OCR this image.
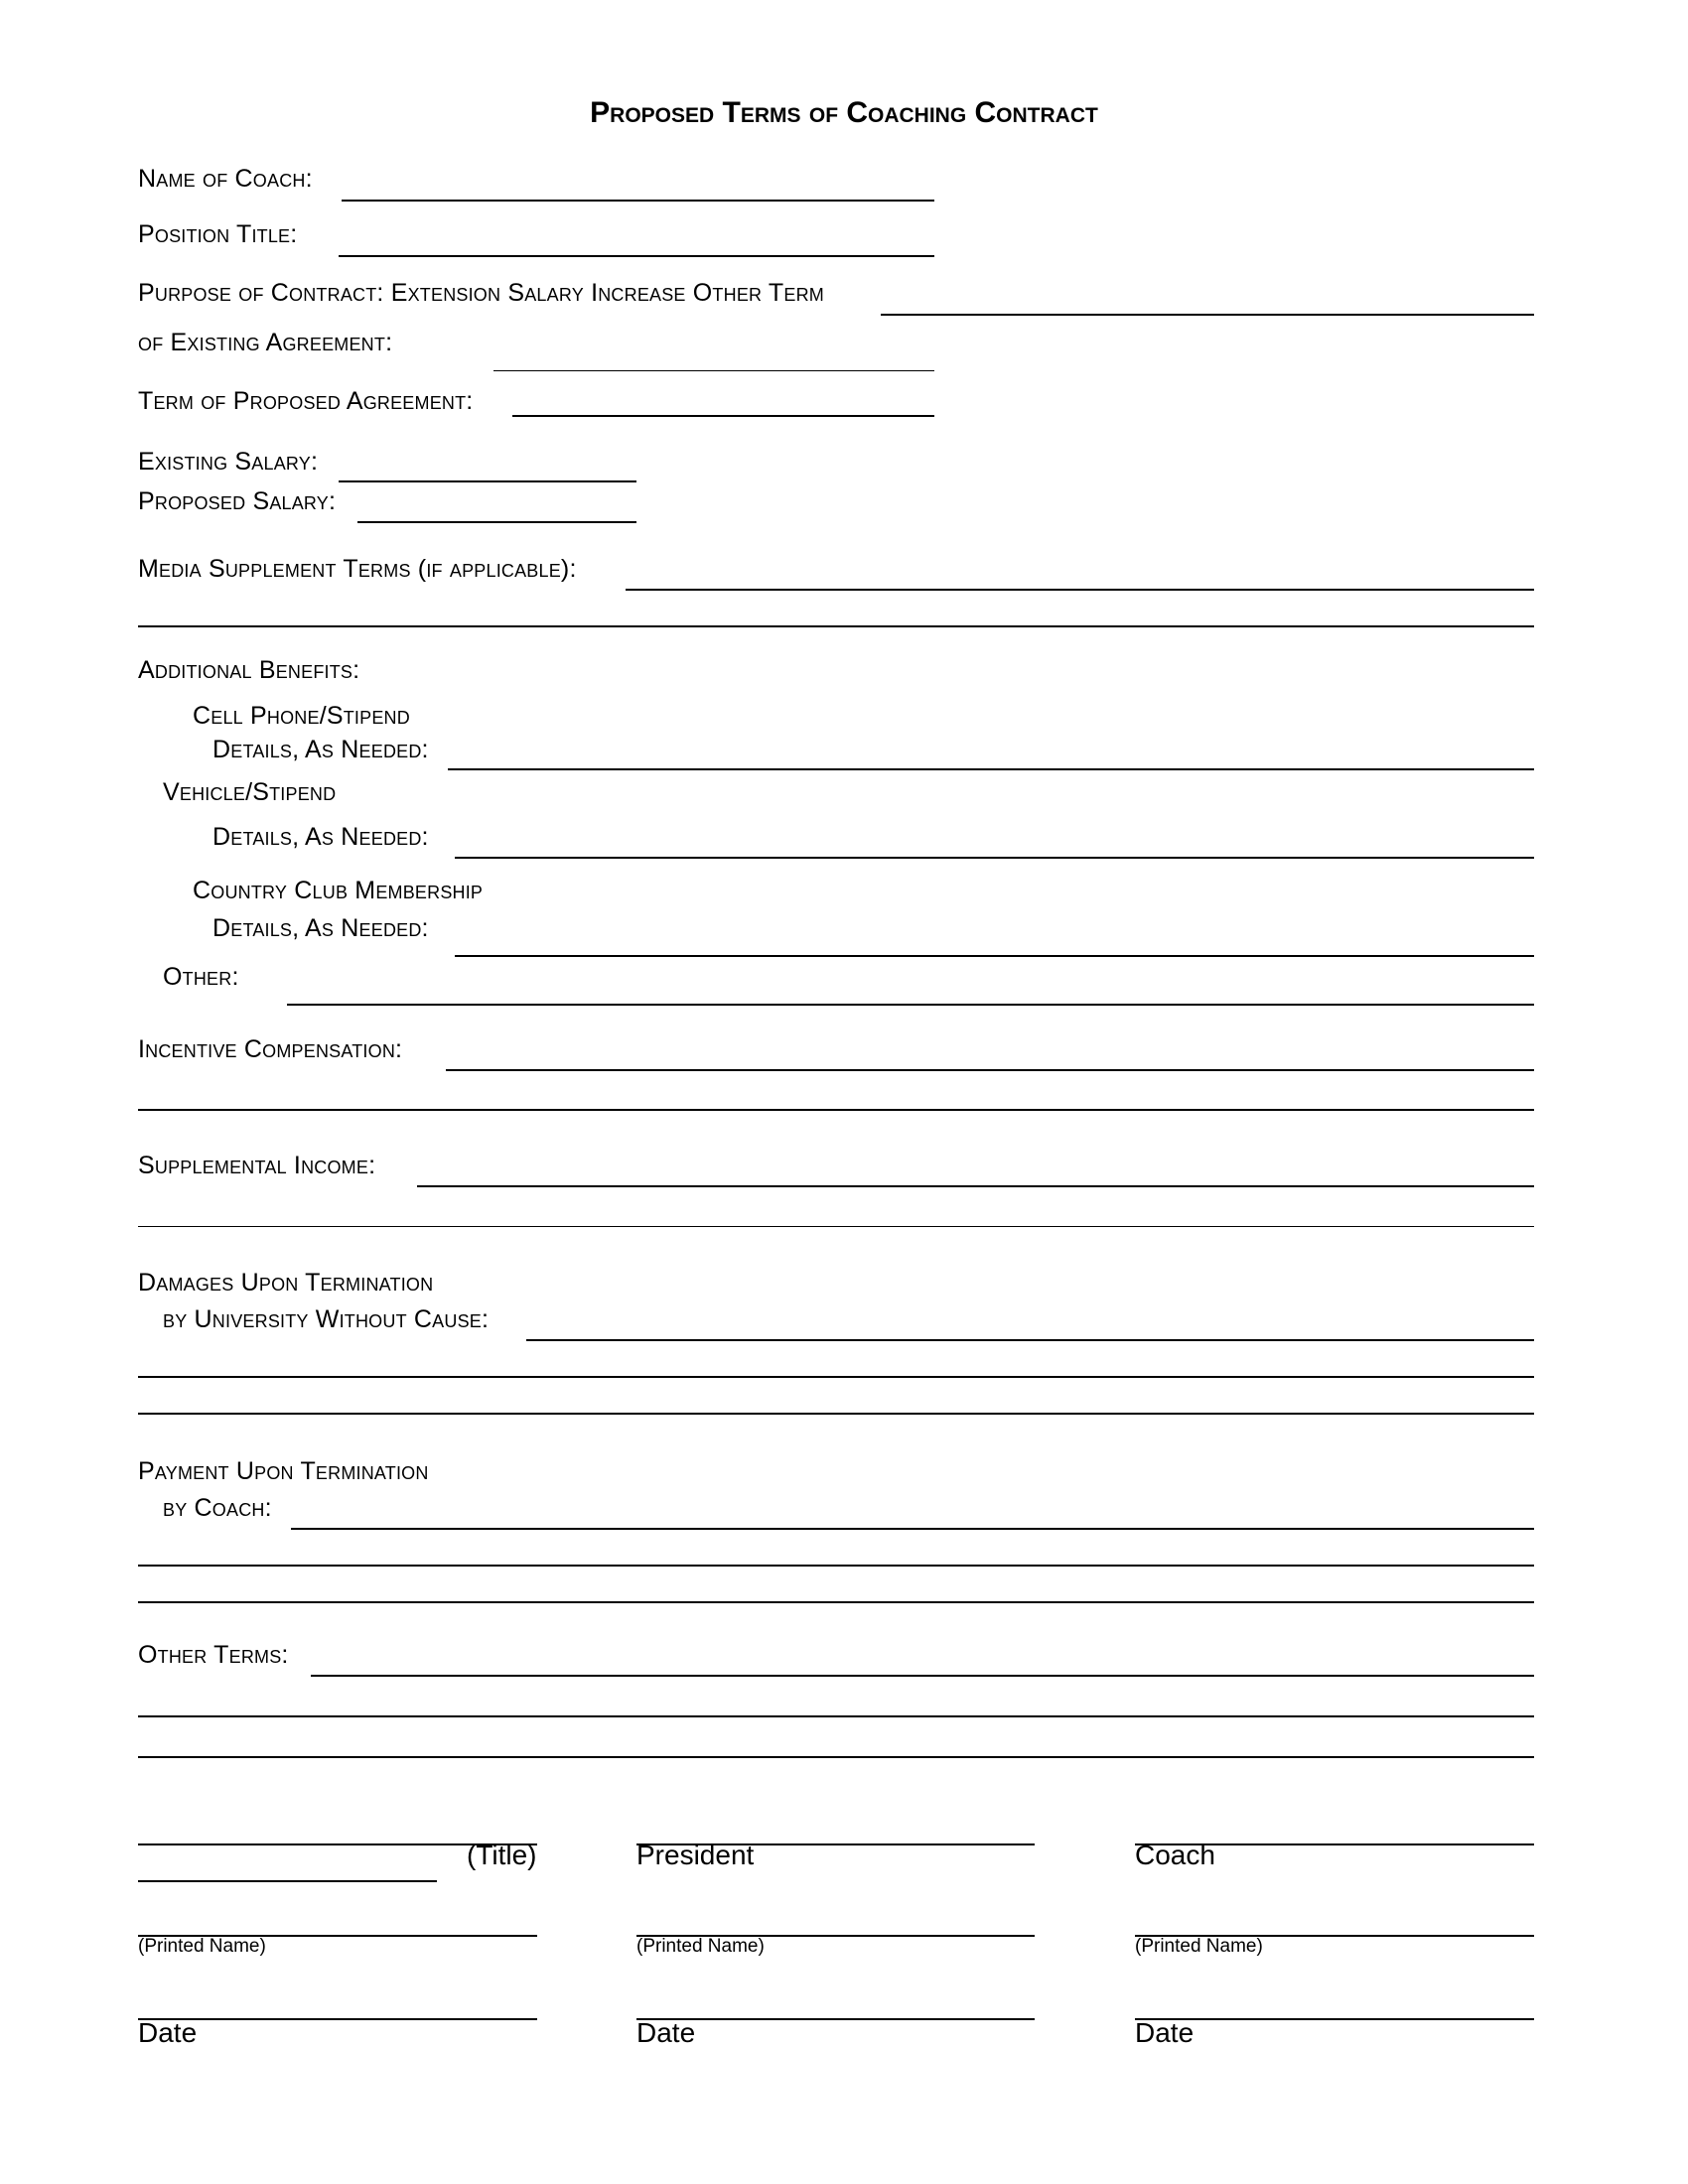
Proposed Terms of Coaching Contract
Name of Coach:
Position Title:
Purpose of Contract: Extension Salary Increase Other Term
of Existing Agreement:
Term of Proposed Agreement:
Existing Salary:
Proposed Salary:
Media Supplement Terms (if applicable):
Additional Benefits:
Cell Phone/Stipend
Details, As Needed:
Vehicle/Stipend
Details, As Needed:
Country Club Membership
Details, As Needed:
Other:
Incentive Compensation:
Supplemental Income:
Damages Upon Termination
by University Without Cause:
Payment Upon Termination
by Coach:
Other Terms:
(Title)
(Printed Name)
Date
President
(Printed Name)
Date
Coach
(Printed Name)
Date
